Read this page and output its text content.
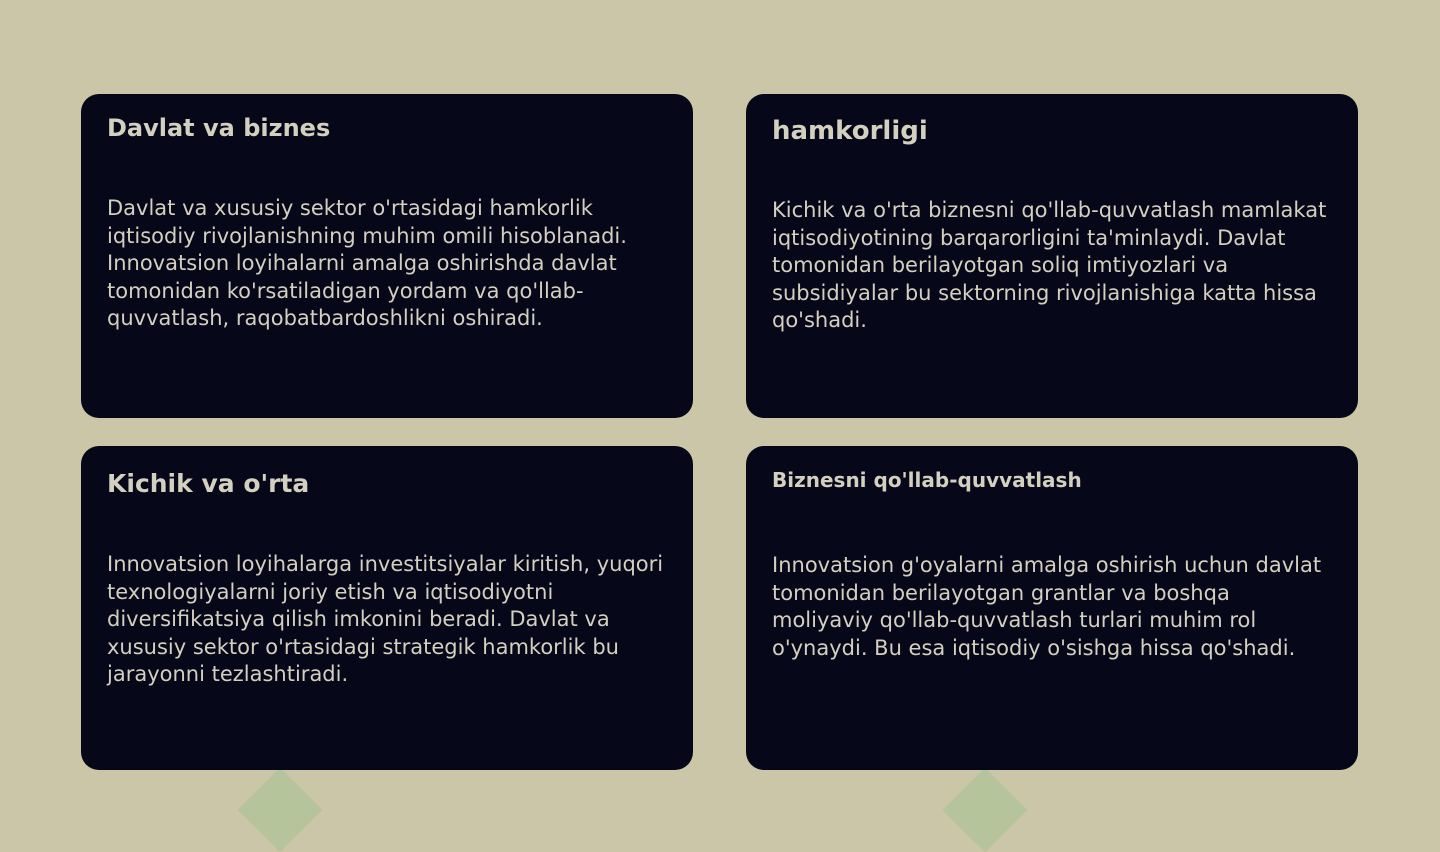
Davlat va biznes
Davlat va xususiy sektor o'rtasidagi hamkorlik iqtisodiy rivojlanishning muhim omili hisoblanadi. Innovatsion loyihalarni amalga oshirishda davlat tomonidan ko'rsatiladigan yordam va qo'llab-quvvatlash, raqobatbardoshlikni oshiradi.
hamkorligi
Kichik va o'rta biznesni qo'llab-quvvatlash mamlakat iqtisodiyotining barqarorligini ta'minlaydi. Davlat tomonidan berilayotgan soliq imtiyozlari va subsidiyalar bu sektorning rivojlanishiga katta hissa qo'shadi.
Kichik va o'rta
Innovatsion loyihalarga investitsiyalar kiritish, yuqori texnologiyalarni joriy etish va iqtisodiyotni diversifikatsiya qilish imkonini beradi. Davlat va xususiy sektor o'rtasidagi strategik hamkorlik bu jarayonni tezlashtiradi.
Biznesni qo'llab-quvvatlash
Innovatsion g'oyalarni amalga oshirish uchun davlat tomonidan berilayotgan grantlar va boshqa moliyaviy qo'llab-quvvatlash turlari muhim rol o'ynaydi. Bu esa iqtisodiy o'sishga hissa qo'shadi.
